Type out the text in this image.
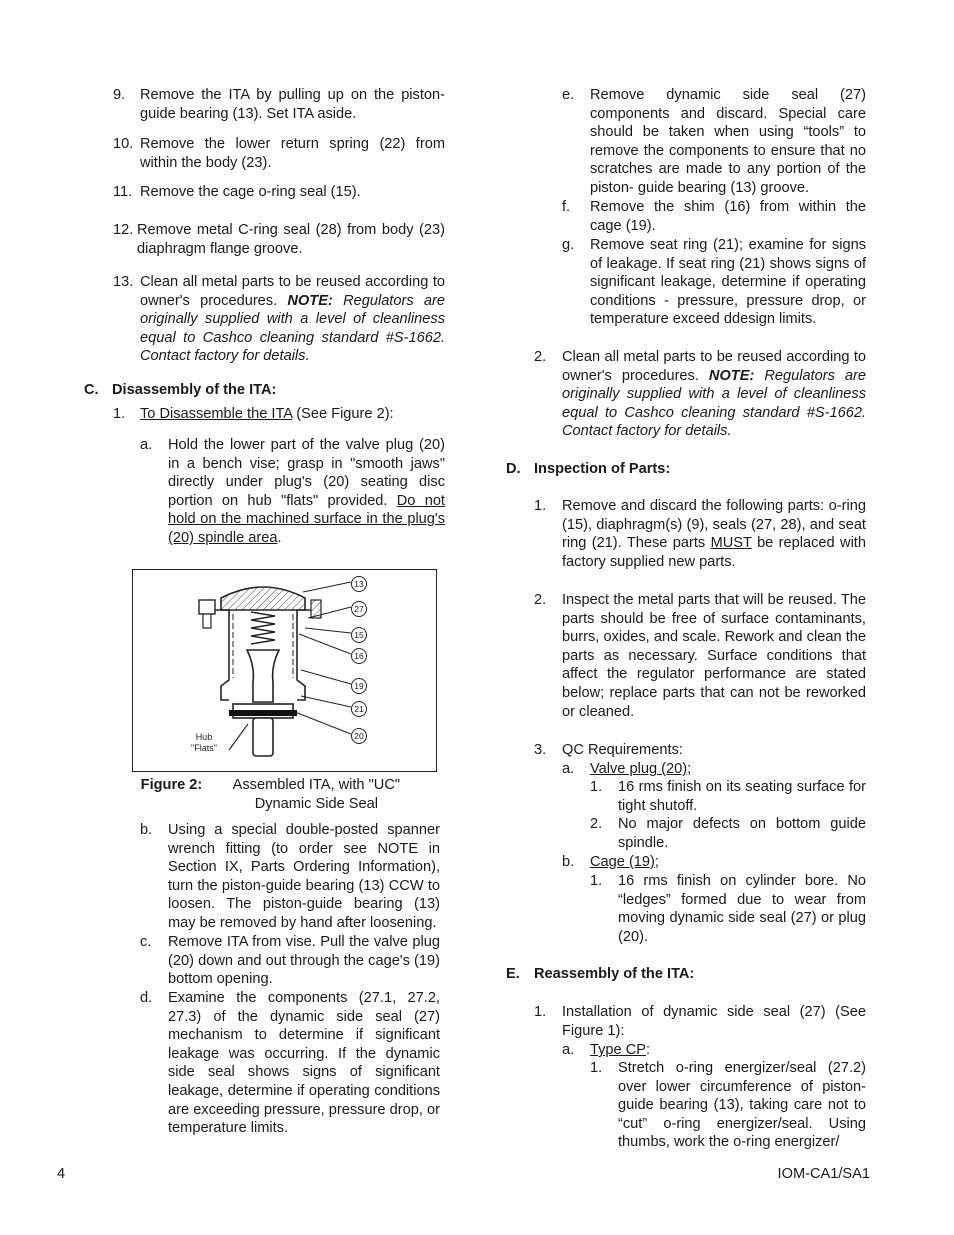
9. Remove the ITA by pulling up on the piston-guide bearing (13). Set ITA aside.
10. Remove the lower return spring (22) from within the body (23).
11. Remove the cage o-ring seal (15).
12. Remove metal C-ring seal (28) from body (23) diaphragm flange groove.
13. Clean all metal parts to be reused according to owner's procedures. NOTE: Regulators are originally supplied with a level of cleanliness equal to Cashco cleaning standard #S-1662. Contact factory for details.
C. Disassembly of the ITA:
1. To Disassemble the ITA (See Figure 2):
a. Hold the lower part of the valve plug (20) in a bench vise; grasp in "smooth jaws" directly under plug's (20) seating disc portion on hub "flats" provided. Do not hold on the machined surface in the plug's (20) spindle area.
13
27
15
16
19
21
20
Hub
"Flats"
Figure 2: Assembled ITA, with "UC" Dynamic Side Seal
b. Using a special double-posted spanner wrench fitting (to order see NOTE in Section IX, Parts Ordering Information), turn the piston-guide bearing (13) CCW to loosen. The piston-guide bearing (13) may be removed by hand after loosening.
c. Remove ITA from vise. Pull the valve plug (20) down and out through the cage's (19) bottom opening.
d. Examine the components (27.1, 27.2, 27.3) of the dynamic side seal (27) mechanism to determine if significant leakage was occurring. If the dynamic side seal shows signs of significant leakage, determine if operating conditions are exceeding pressure, pressure drop, or temperature limits.
e. Remove dynamic side seal (27) components and discard. Special care should be taken when using “tools” to remove the components to ensure that no scratches are made to any portion of the piston- guide bearing (13) groove.
f. Remove the shim (16) from within the cage (19).
g. Remove seat ring (21); examine for signs of leakage. If seat ring (21) shows signs of significant leakage, determine if operating conditions - pressure, pressure drop, or temperature exceed ddesign limits.
2. Clean all metal parts to be reused according to owner's procedures. NOTE: Regulators are originally supplied with a level of cleanliness equal to Cashco cleaning standard #S-1662. Contact factory for details.
D. Inspection of Parts:
1. Remove and discard the following parts: o-ring (15), diaphragm(s) (9), seals (27, 28), and seat ring (21). These parts MUST be replaced with factory supplied new parts.
2. Inspect the metal parts that will be reused. The parts should be free of surface contaminants, burrs, oxides, and scale. Rework and clean the parts as necessary. Surface conditions that affect the regulator performance are stated below; replace parts that can not be reworked or cleaned.
3. QC Requirements:
a. Valve plug (20);
1. 16 rms finish on its seating surface for tight shutoff.
2. No major defects on bottom guide spindle.
b. Cage (19);
1. 16 rms finish on cylinder bore. No “ledges” formed due to wear from moving dynamic side seal (27) or plug (20).
E. Reassembly of the ITA:
1. Installation of dynamic side seal (27) (See Figure 1):
a. Type CP:
1. Stretch o-ring energizer/seal (27.2) over lower circumference of piston-guide bearing (13), taking care not to “cut” o-ring energizer/seal. Using thumbs, work the o-ring energizer/
4	IOM-CA1/SA1
